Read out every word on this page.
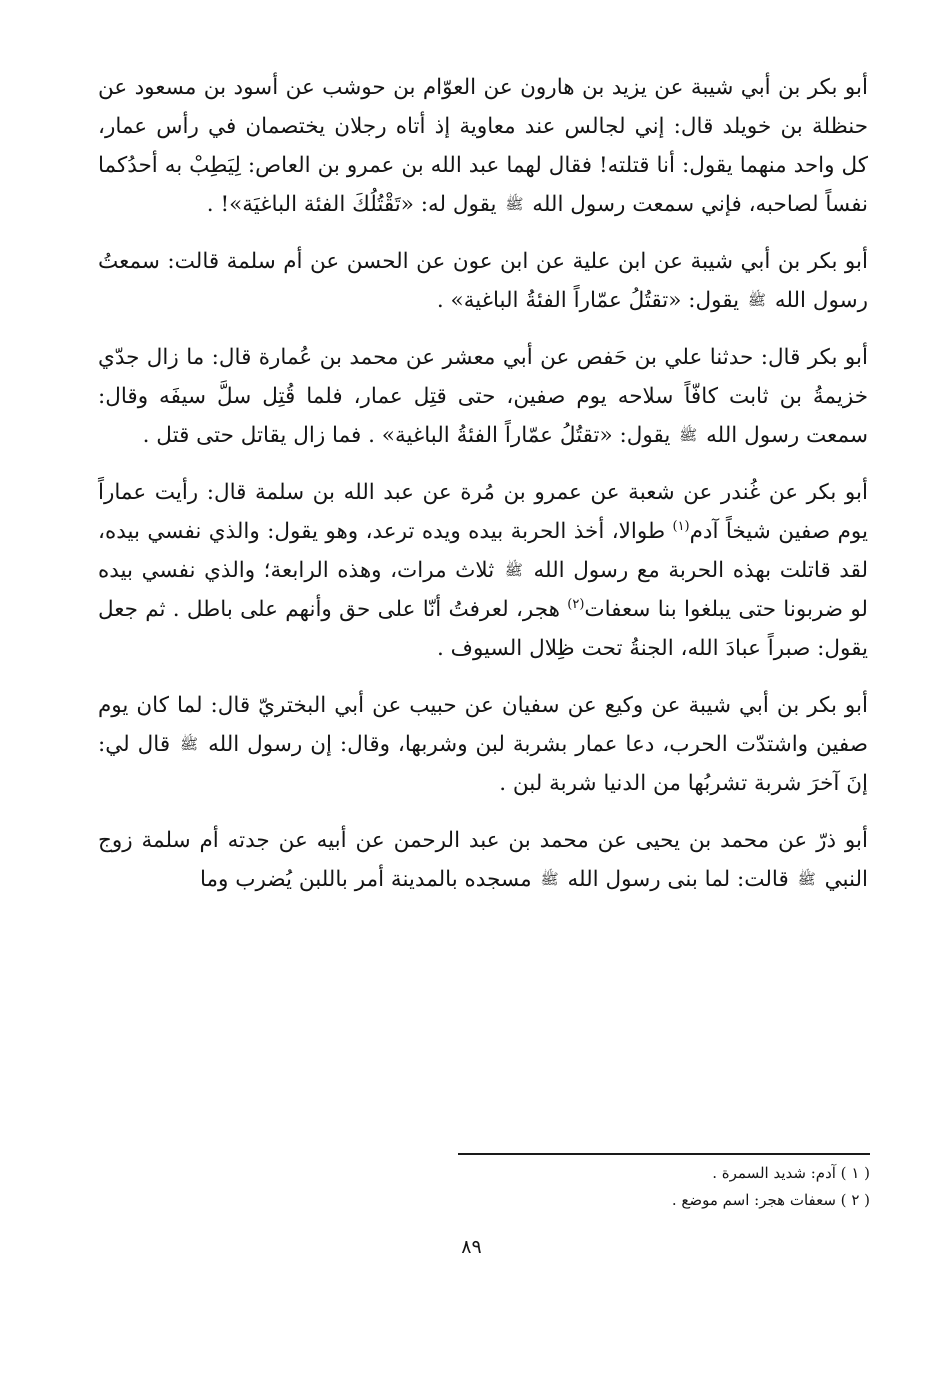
أبو بكر بن أبي شيبة عن يزيد بن هارون عن العوّام بن حوشب عن أسود بن مسعود عن حنظلة بن خويلد قال: إني لجالس عند معاوية إذ أتاه رجلان يختصمان في رأس عمار، كل واحد منهما يقول: أنا قتلته! فقال لهما عبد الله بن عمرو بن العاص: لِيَطِبْ به أحدُكما نفساً لصاحبه، فإني سمعت رسول الله ﷺ يقول له: «تَقْتُلُكَ الفئة الباغيَة»! .

أبو بكر بن أبي شيبة عن ابن علية عن ابن عون عن الحسن عن أم سلمة قالت: سمعتُ رسول الله ﷺ يقول: «تقتُلُ عمّاراً الفئةُ الباغية» .

أبو بكر قال: حدثنا علي بن حَفص عن أبي معشر عن محمد بن عُمارة قال: ما زال جدّي خزيمةُ بن ثابت كافّاً سلاحه يوم صفين، حتى قتِل عمار، فلما قُتِل سلَّ سيفَه وقال: سمعت رسول الله ﷺ يقول: «تقتُلُ عمّاراً الفئةُ الباغية» . فما زال يقاتل حتى قتل .

أبو بكر عن غُندر عن شعبة عن عمرو بن مُرة عن عبد الله بن سلمة قال: رأيت عماراً يوم صفين شيخاً آدم$^{(١)}$ طوالا، أخذ الحربة بيده ويده ترعد، وهو يقول: والذي نفسي بيده، لقد قاتلت بهذه الحربة مع رسول الله ﷺ ثلاث مرات، وهذه الرابعة؛ والذي نفسي بيده لو ضربونا حتى يبلغوا بنا سعفات$^{(٢)}$ هجر، لعرفتُ أنّا على حق وأنهم على باطل . ثم جعل يقول: صبراً عبادَ الله، الجنةُ تحت ظِلال السيوف .

أبو بكر بن أبي شيبة عن وكيع عن سفيان عن حبيب عن أبي البختريّ قال: لما كان يوم صفين واشتدّت الحرب، دعا عمار بشربة لبن وشربها، وقال: إن رسول الله ﷺ قال لي: إنَ آخرَ شربة تشربُها من الدنيا شربة لبن .

أبو ذرّ عن محمد بن يحيى عن محمد بن عبد الرحمن عن أبيه عن جدته أم سلمة زوج النبي ﷺ قالت: لما بنى رسول الله ﷺ مسجده بالمدينة أمر باللبن يُضرب وما

( ١ ) آدم: شديد السمرة .

( ٢ ) سعفات هجر: اسم موضع .

٨٩
